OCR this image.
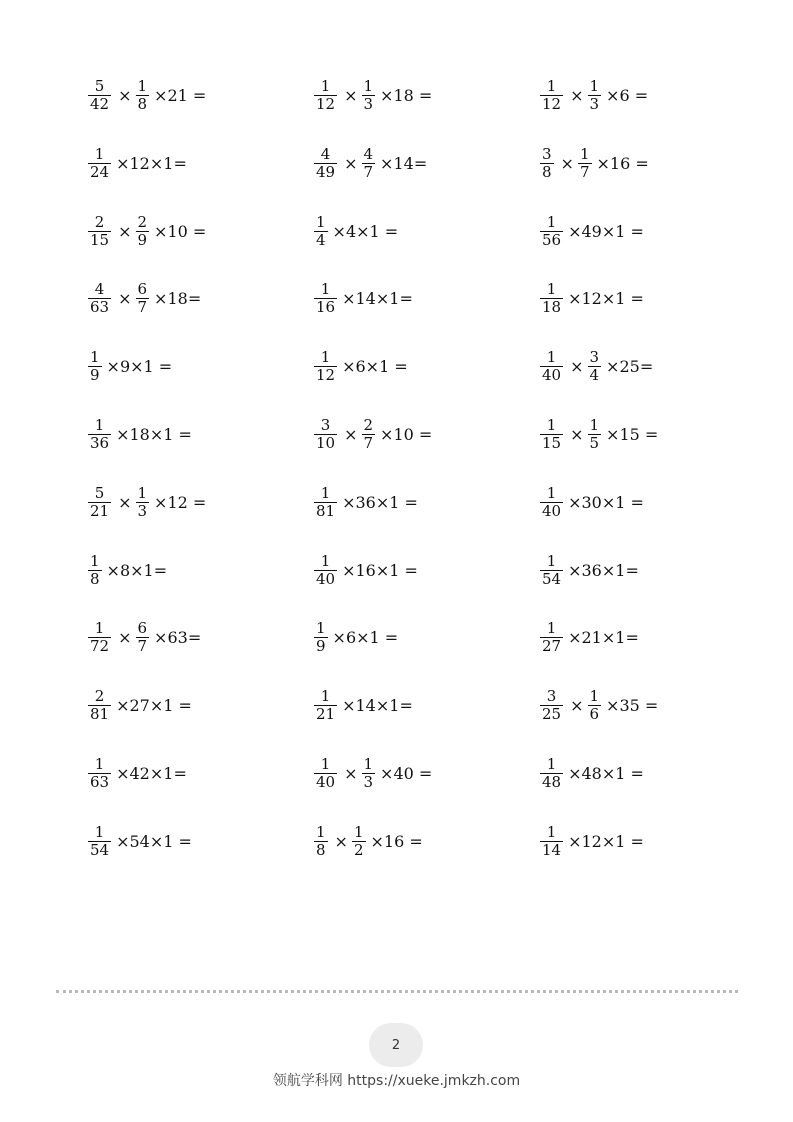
$\frac{5}{42} \times \frac{1}{8} \times 21$ =	$\frac{1}{12} \times \frac{1}{3} \times 18$ =	$\frac{1}{12} \times \frac{1}{3} \times 6$ =
$\frac{1}{24} \times 12\times 1=$	$\frac{4}{49} \times \frac{4}{7} \times 14=$	$\frac{3}{8} \times \frac{1}{7} \times 16$ =
$\frac{2}{15} \times \frac{2}{9} \times 10$ =	$\frac{1}{4} \times 4\times 1$ =	$\frac{1}{56} \times 49\times 1$ =
$\frac{4}{63} \times \frac{6}{7} \times 18=$	$\frac{1}{16} \times 14\times 1=$	$\frac{1}{18} \times 12\times 1$ =
$\frac{1}{9} \times 9\times 1$ =	$\frac{1}{12} \times 6\times 1$ =	$\frac{1}{40} \times \frac{3}{4} \times 25=$
$\frac{1}{36} \times 18\times 1$ =	$\frac{3}{10} \times \frac{2}{7} \times 10$ =	$\frac{1}{15} \times \frac{1}{5} \times 15$ =
$\frac{5}{21} \times \frac{1}{3} \times 12$ =	$\frac{1}{81} \times 36\times 1$ =	$\frac{1}{40} \times 30\times 1$ =
$\frac{1}{8} \times 8\times 1=$	$\frac{1}{40} \times 16\times 1$ =	$\frac{1}{54} \times 36\times 1=$
$\frac{1}{72} \times \frac{6}{7} \times 63=$	$\frac{1}{9} \times 6\times 1$ =	$\frac{1}{27} \times 21\times 1=$
$\frac{2}{81} \times 27\times 1$ =	$\frac{1}{21} \times 14\times 1=$	$\frac{3}{25} \times \frac{1}{6} \times 35$ =
$\frac{1}{63} \times 42\times 1=$	$\frac{1}{40} \times \frac{1}{3} \times 40$ =	$\frac{1}{48} \times 48\times 1$ =
$\frac{1}{54} \times 54\times 1$ =	$\frac{1}{8} \times \frac{1}{2} \times 16$ =	$\frac{1}{14} \times 12\times 1$ =
2
领航学科网 https://xueke.jmkzh.com
